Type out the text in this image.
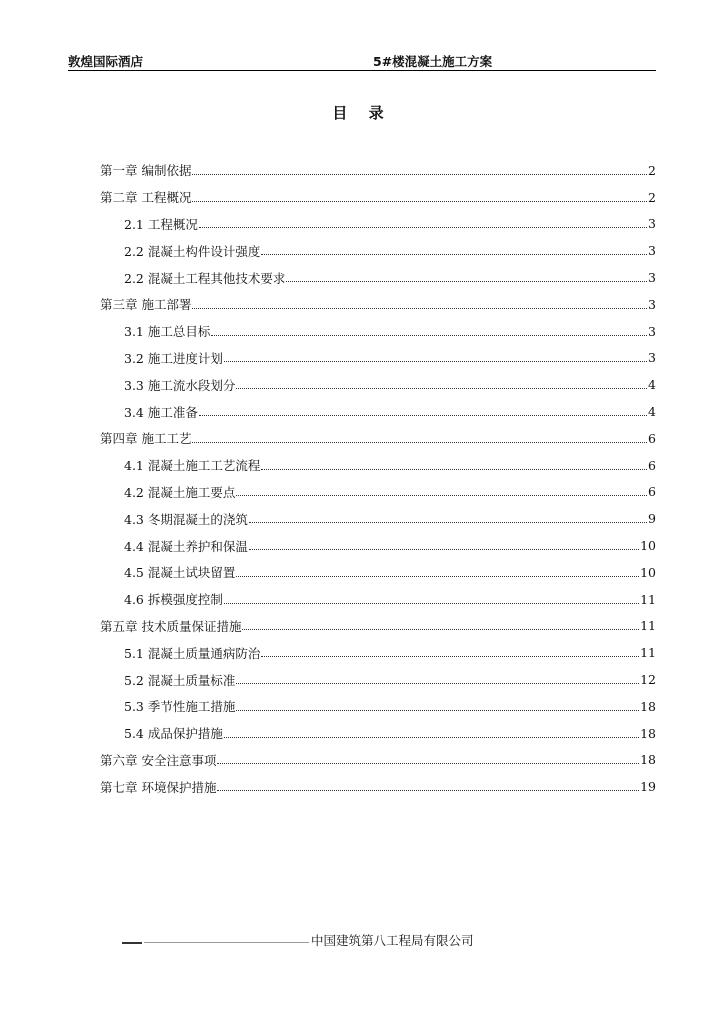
敦煌国际酒店	5#楼混凝土施工方案
目 录
第一章 编制依据	2
第二章 工程概况	2
2.1 工程概况	3
2.2 混凝土构件设计强度	3
2.2 混凝土工程其他技术要求	3
第三章 施工部署	3
3.1 施工总目标	3
3.2 施工进度计划	3
3.3 施工流水段划分	4
3.4 施工准备	4
第四章 施工工艺	6
4.1 混凝土施工工艺流程	6
4.2 混凝土施工要点	6
4.3 冬期混凝土的浇筑	9
4.4 混凝土养护和保温	10
4.5 混凝土试块留置	10
4.6 拆模强度控制	11
第五章 技术质量保证措施	11
5.1 混凝土质量通病防治	11
5.2 混凝土质量标准	12
5.3 季节性施工措施	18
5.4 成品保护措施	18
第六章 安全注意事项	18
第七章 环境保护措施	19
中国建筑第八工程局有限公司
